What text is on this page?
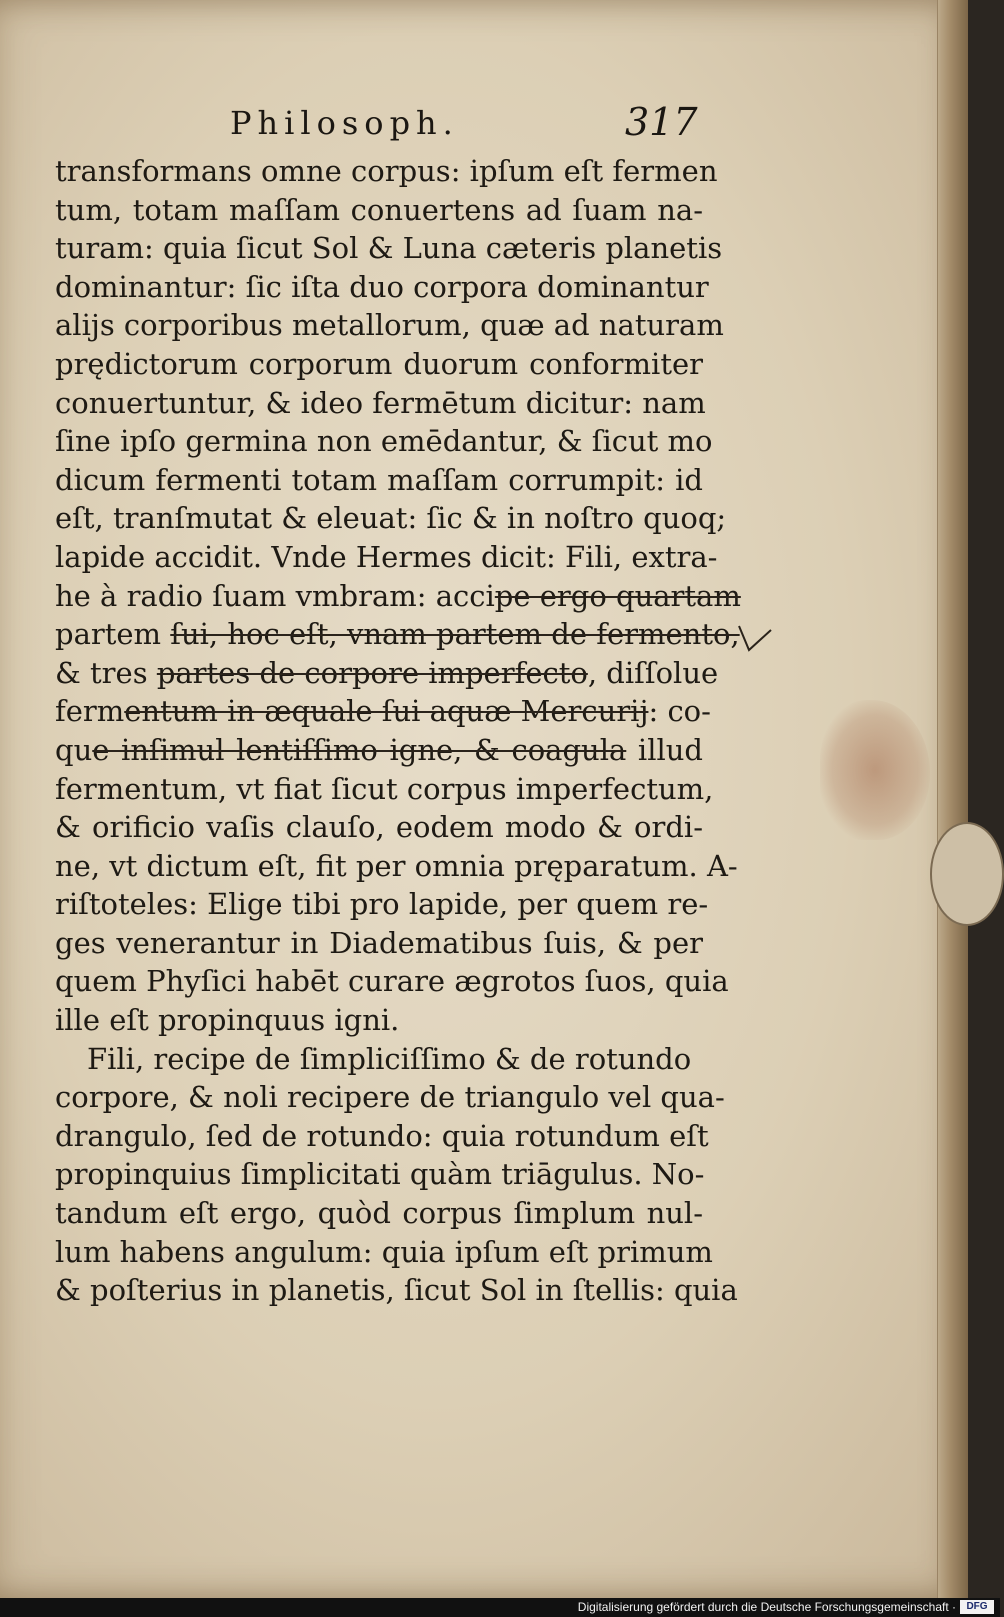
Philosoph.	317
transformans omne corpus: ipſum eſt fermen
tum, totam maſſam conuertens ad ſuam na-
turam: quia ſicut Sol & Luna cæteris planetis
dominantur: ſic iſta duo corpora dominantur
alijs corporibus metallorum, quæ ad naturam
prędictorum corporum duorum conformiter
conuertuntur, & ideo fermētum dicitur: nam
ſine ipſo germina non emēdantur, & ſicut mo
dicum fermenti totam maſſam corrumpit: id
eſt, tranſmutat & eleuat: ſic & in noſtro quoq;
lapide accidit. Vnde Hermes dicit: Fili, extra-
he à radio ſuam vmbram: accipe ergo quartam
partem ſui, hoc eſt, vnam partem de fermento,
& tres partes de corpore imperfecto, diſſolue
fermentum in æquale ſui aquæ Mercurij: co-
que inſimul lentiſſimo igne, & coagula illud
fermentum, vt fiat ſicut corpus imperfectum,
& orificio vaſis clauſo, eodem modo & ordi-
ne, vt dictum eſt, fit per omnia pręparatum. A-
riſtoteles: Elige tibi pro lapide, per quem re-
ges venerantur in Diadematibus ſuis, & per
quem Phyſici habēt curare ægrotos ſuos, quia
ille eſt propinquus igni.
Fili, recipe de ſimpliciſſimo & de rotundo
corpore, & noli recipere de triangulo vel qua-
drangulo, ſed de rotundo: quia rotundum eſt
propinquius ſimplicitati quàm triāgulus. No-
tandum eſt ergo, quòd corpus ſimplum nul-
lum habens angulum: quia ipſum eſt primum
& poſterius in planetis, ſicut Sol in ſtellis: quia
Digitalisierung gefördert durch die Deutsche Forschungsgemeinschaft ·	DFG
